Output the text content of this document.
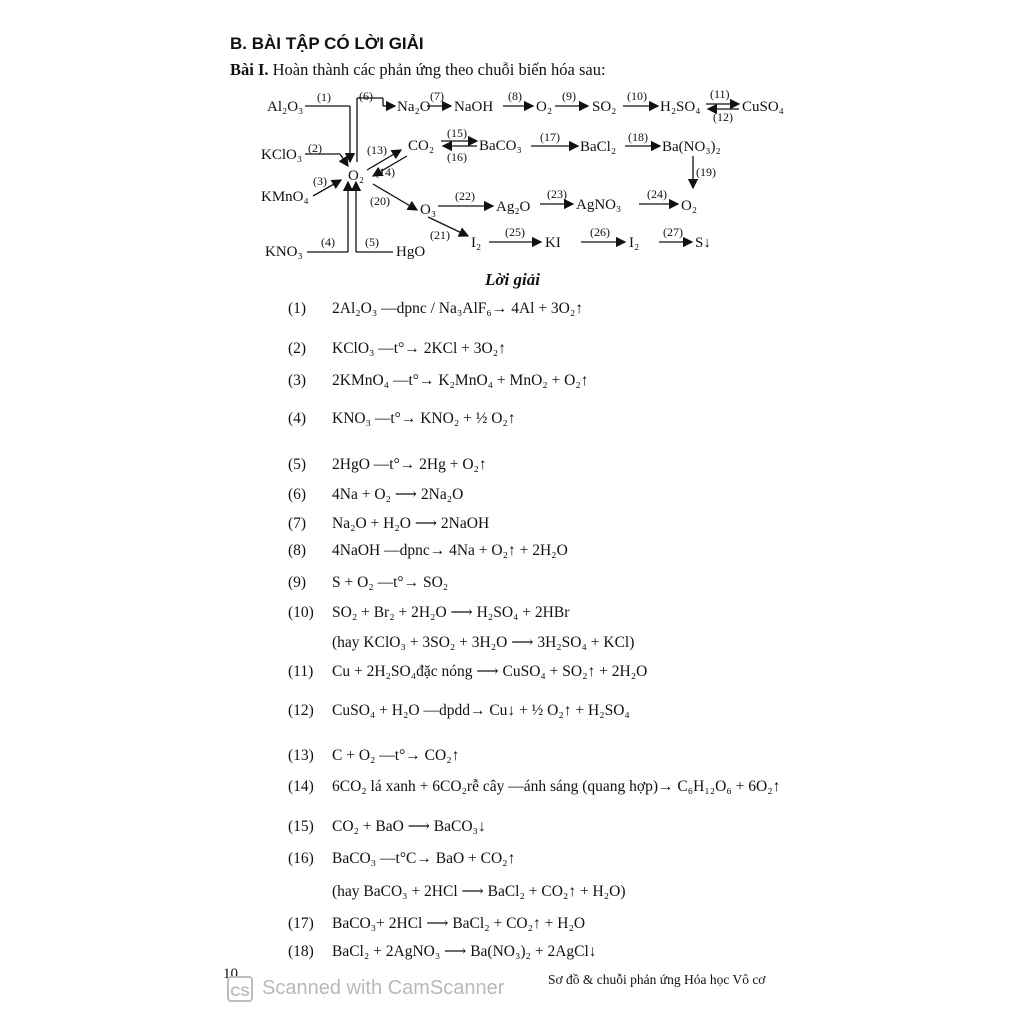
B. BÀI TẬP CÓ LỜI GIẢI
Bài I. Hoàn thành các phản ứng theo chuỗi biến hóa sau:
Al₂O₃	Na₂O NaOH	O₂	SO₂	H₂SO₄	CuSO₄
KClO₃
CO₂	BaCO₃	BaCl₂	Ba(NO₃)₂
KMnO₄
O₂
O₃	Ag₂O	AgNO₃	O₂
I₂	KI	I₂	S↓
KNO₃	HgO
(1)
(2)
(3)
(4)	(5)
(6)	(7)	(8)	(9)	(10)	(11)
(12)
(13)
(14)
(15)
(16)
(17)	(18)
(19)
(20)
(21)
(22)	(23)	(24)
(25)	(26)	(27)
Lời giải
(1)	2Al₂O₃ —dpnc / Na₃AlF₆→ 4Al + 3O₂↑
(2)	KClO₃ —t°→ 2KCl + 3O₂↑
(3)	2KMnO₄ —t°→ K₂MnO₄ + MnO₂ + O₂↑
(4)	KNO₃ —t°→ KNO₂ + ½ O₂↑
(5)	2HgO —t°→ 2Hg + O₂↑
(6)	4Na + O₂ ⟶ 2Na₂O
(7)	Na₂O + H₂O ⟶ 2NaOH
(8)	4NaOH —dpnc→ 4Na + O₂↑ + 2H₂O
(9)	S + O₂ —t°→ SO₂
(10)	SO₂ + Br₂ + 2H₂O ⟶ H₂SO₄ + 2HBr
(hay KClO₃ + 3SO₂ + 3H₂O ⟶ 3H₂SO₄ + KCl)
(11)	Cu + 2H₂SO₄đặc nóng ⟶ CuSO₄ + SO₂↑ + 2H₂O
(12)	CuSO₄ + H₂O —dpdd→ Cu↓ + ½ O₂↑ + H₂SO₄
(13)	C + O₂ —t°→ CO₂↑
(14)	6CO₂ lá xanh + 6CO₂rễ cây —ánh sáng (quang hợp)→ C₆H₁₂O₆ + 6O₂↑
(15)	CO₂ + BaO ⟶ BaCO₃↓
(16)	BaCO₃ —t°C→ BaO + CO₂↑
(hay BaCO₃ + 2HCl ⟶ BaCl₂ + CO₂↑ + H₂O)
(17)	BaCO₃+ 2HCl ⟶ BaCl₂ + CO₂↑ + H₂O
(18)	BaCl₂ + 2AgNO₃ ⟶ Ba(NO₃)₂ + 2AgCl↓
10
CS Scanned with CamScanner	Sơ đồ & chuỗi phản ứng Hóa học Vô cơ
